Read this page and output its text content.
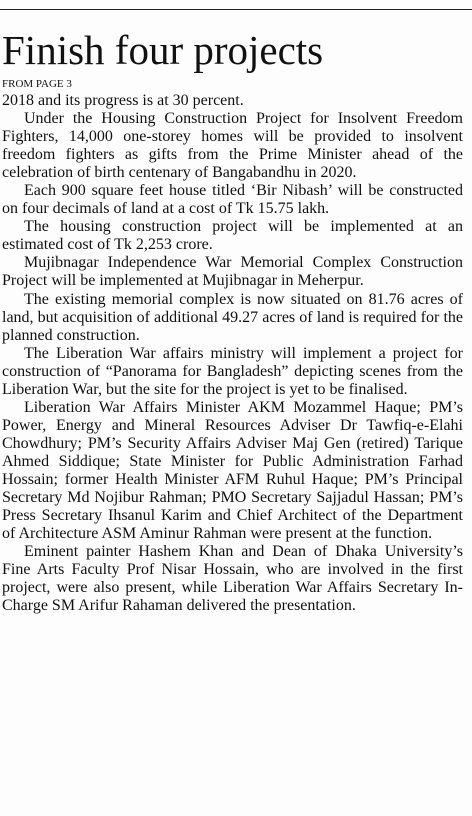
Finish four projects
FROM PAGE 3

2018 and its progress is at 30 percent.

Under the Housing Construction Project for Insolvent Freedom Fighters, 14,000 one-storey homes will be provided to insolvent freedom fighters as gifts from the Prime Minister ahead of the celebration of birth centenary of Bangabandhu in 2020.

Each 900 square feet house titled ‘Bir Nibash’ will be constructed on four decimals of land at a cost of Tk 15.75 lakh.

The housing construction project will be implemented at an estimated cost of Tk 2,253 crore.

Mujibnagar Independence War Memorial Complex Construction Project will be implemented at Mujibnagar in Meherpur.

The existing memorial complex is now situated on 81.76 acres of land, but acquisition of additional 49.27 acres of land is required for the planned construction.

The Liberation War affairs ministry will implement a project for construction of “Panorama for Bangladesh” depicting scenes from the Liberation War, but the site for the project is yet to be finalised.

Liberation War Affairs Minister AKM Mozammel Haque; PM’s Power, Energy and Mineral Resources Adviser Dr Tawfiq-e-Elahi Chowdhury; PM’s Security Affairs Adviser Maj Gen (retired) Tarique Ahmed Siddique; State Minister for Public Administration Farhad Hossain; former Health Minister AFM Ruhul Haque; PM’s Principal Secretary Md Nojibur Rahman; PMO Secretary Sajjadul Hassan; PM’s Press Secretary Ihsanul Karim and Chief Architect of the Department of Architecture ASM Aminur Rahman were present at the function.

Eminent painter Hashem Khan and Dean of Dhaka University’s Fine Arts Faculty Prof Nisar Hossain, who are involved in the first project, were also present, while Liberation War Affairs Secretary In-Charge SM Arifur Rahaman delivered the presentation.
